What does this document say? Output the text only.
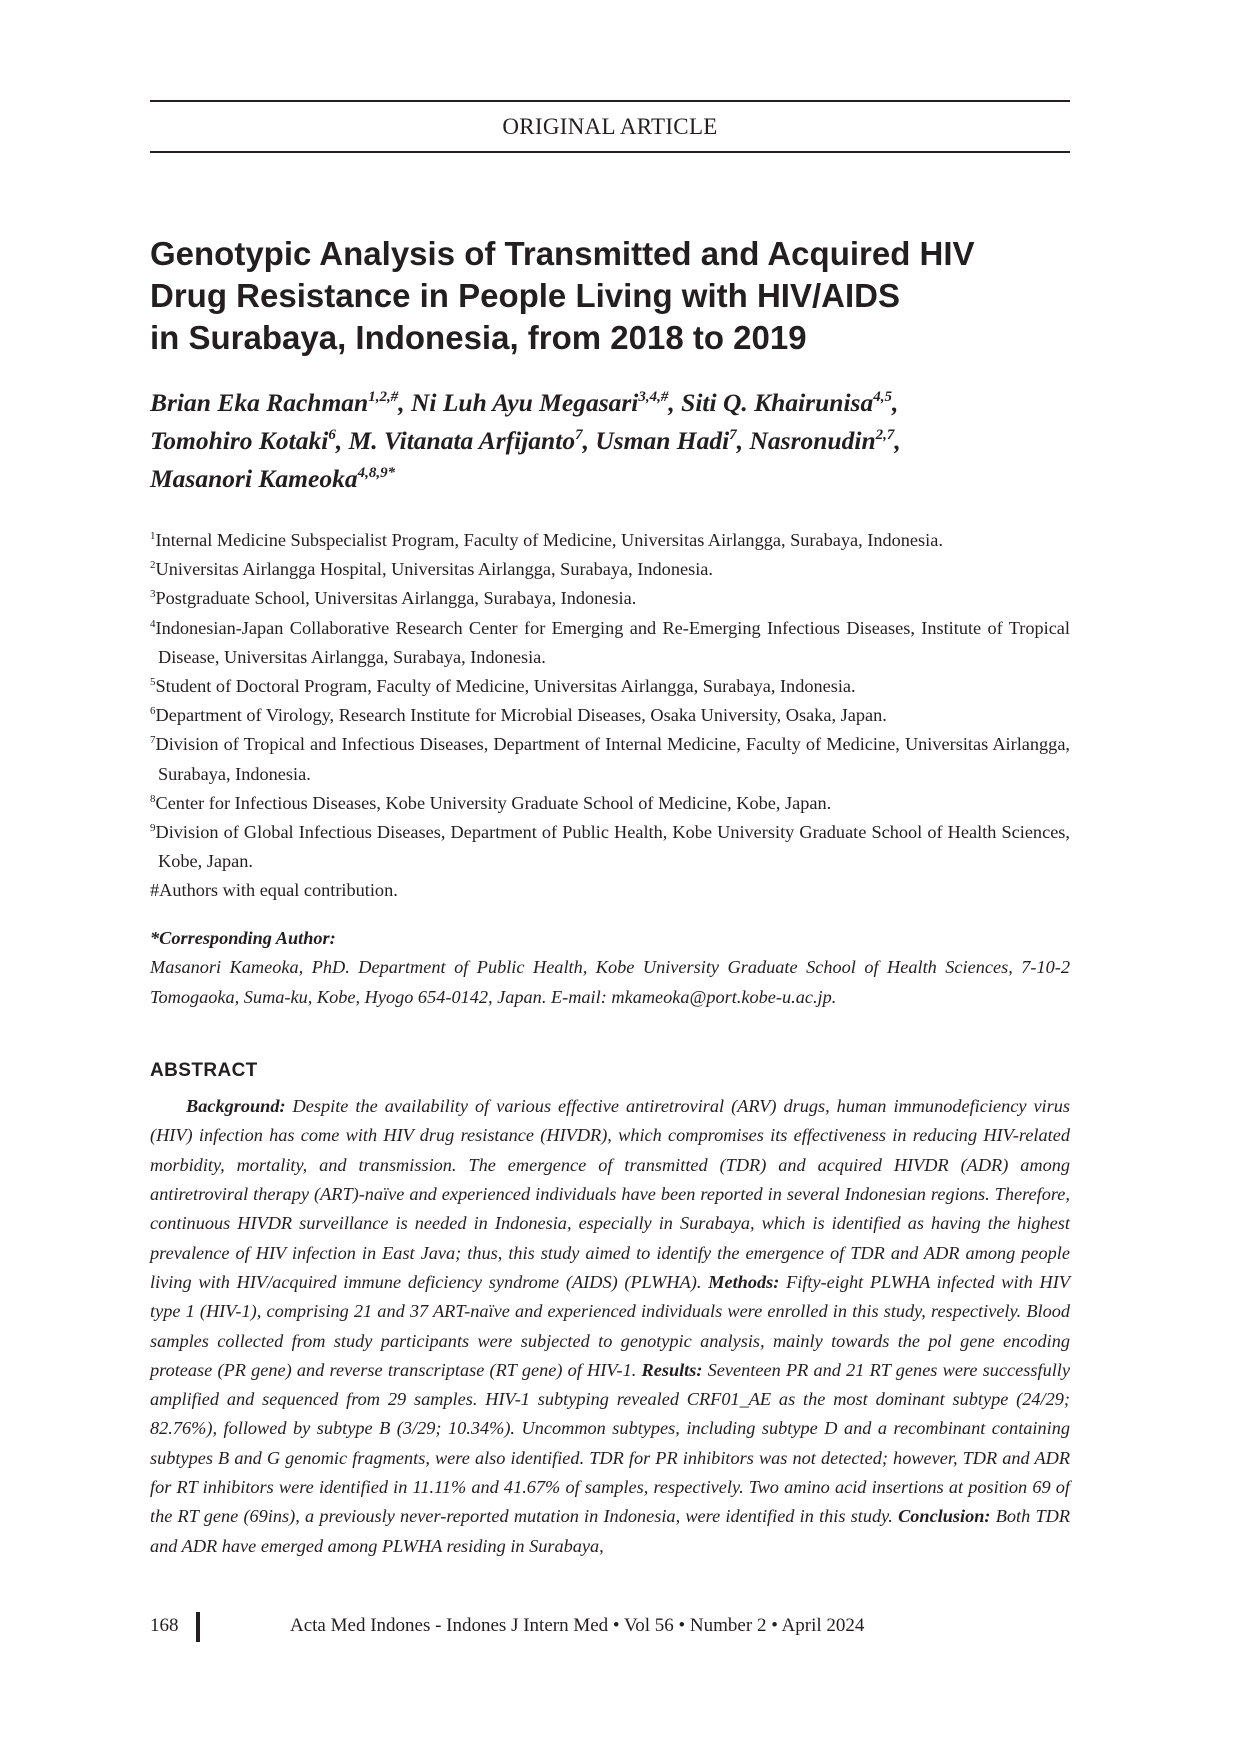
ORIGINAL ARTICLE
Genotypic Analysis of Transmitted and Acquired HIV
Drug Resistance in People Living with HIV/AIDS
in Surabaya, Indonesia, from 2018 to 2019
Brian Eka Rachman$^{1,2,\#}$, Ni Luh Ayu Megasari$^{3,4,\#}$, Siti Q. Khairunisa$^{4,5}$,
Tomohiro Kotaki$^6$, M. Vitanata Arfijanto$^7$, Usman Hadi$^7$, Nasronudin$^{2,7}$,
Masanori Kameoka$^{4,8,9*}$
$^1$Internal Medicine Subspecialist Program, Faculty of Medicine, Universitas Airlangga, Surabaya, Indonesia.
$^2$Universitas Airlangga Hospital, Universitas Airlangga, Surabaya, Indonesia.
$^3$Postgraduate School, Universitas Airlangga, Surabaya, Indonesia.
$^4$Indonesian-Japan Collaborative Research Center for Emerging and Re-Emerging Infectious Diseases, Institute of Tropical Disease, Universitas Airlangga, Surabaya, Indonesia.
$^5$Student of Doctoral Program, Faculty of Medicine, Universitas Airlangga, Surabaya, Indonesia.
$^6$Department of Virology, Research Institute for Microbial Diseases, Osaka University, Osaka, Japan.
$^7$Division of Tropical and Infectious Diseases, Department of Internal Medicine, Faculty of Medicine, Universitas Airlangga, Surabaya, Indonesia.
$^8$Center for Infectious Diseases, Kobe University Graduate School of Medicine, Kobe, Japan.
$^9$Division of Global Infectious Diseases, Department of Public Health, Kobe University Graduate School of Health Sciences, Kobe, Japan.
#Authors with equal contribution.
*Corresponding Author:
Masanori Kameoka, PhD. Department of Public Health, Kobe University Graduate School of Health Sciences, 7-10-2 Tomogaoka, Suma-ku, Kobe, Hyogo 654-0142, Japan. E-mail: mkameoka@port.kobe-u.ac.jp.
ABSTRACT
Background: Despite the availability of various effective antiretroviral (ARV) drugs, human immunodeficiency virus (HIV) infection has come with HIV drug resistance (HIVDR), which compromises its effectiveness in reducing HIV-related morbidity, mortality, and transmission. The emergence of transmitted (TDR) and acquired HIVDR (ADR) among antiretroviral therapy (ART)-naïve and experienced individuals have been reported in several Indonesian regions. Therefore, continuous HIVDR surveillance is needed in Indonesia, especially in Surabaya, which is identified as having the highest prevalence of HIV infection in East Java; thus, this study aimed to identify the emergence of TDR and ADR among people living with HIV/acquired immune deficiency syndrome (AIDS) (PLWHA). Methods: Fifty-eight PLWHA infected with HIV type 1 (HIV-1), comprising 21 and 37 ART-naïve and experienced individuals were enrolled in this study, respectively. Blood samples collected from study participants were subjected to genotypic analysis, mainly towards the pol gene encoding protease (PR gene) and reverse transcriptase (RT gene) of HIV-1. Results: Seventeen PR and 21 RT genes were successfully amplified and sequenced from 29 samples. HIV-1 subtyping revealed CRF01_AE as the most dominant subtype (24/29; 82.76%), followed by subtype B (3/29; 10.34%). Uncommon subtypes, including subtype D and a recombinant containing subtypes B and G genomic fragments, were also identified. TDR for PR inhibitors was not detected; however, TDR and ADR for RT inhibitors were identified in 11.11% and 41.67% of samples, respectively. Two amino acid insertions at position 69 of the RT gene (69ins), a previously never-reported mutation in Indonesia, were identified in this study. Conclusion: Both TDR and ADR have emerged among PLWHA residing in Surabaya,
168	Acta Med Indones - Indones J Intern Med • Vol 56 • Number 2 • April 2024
